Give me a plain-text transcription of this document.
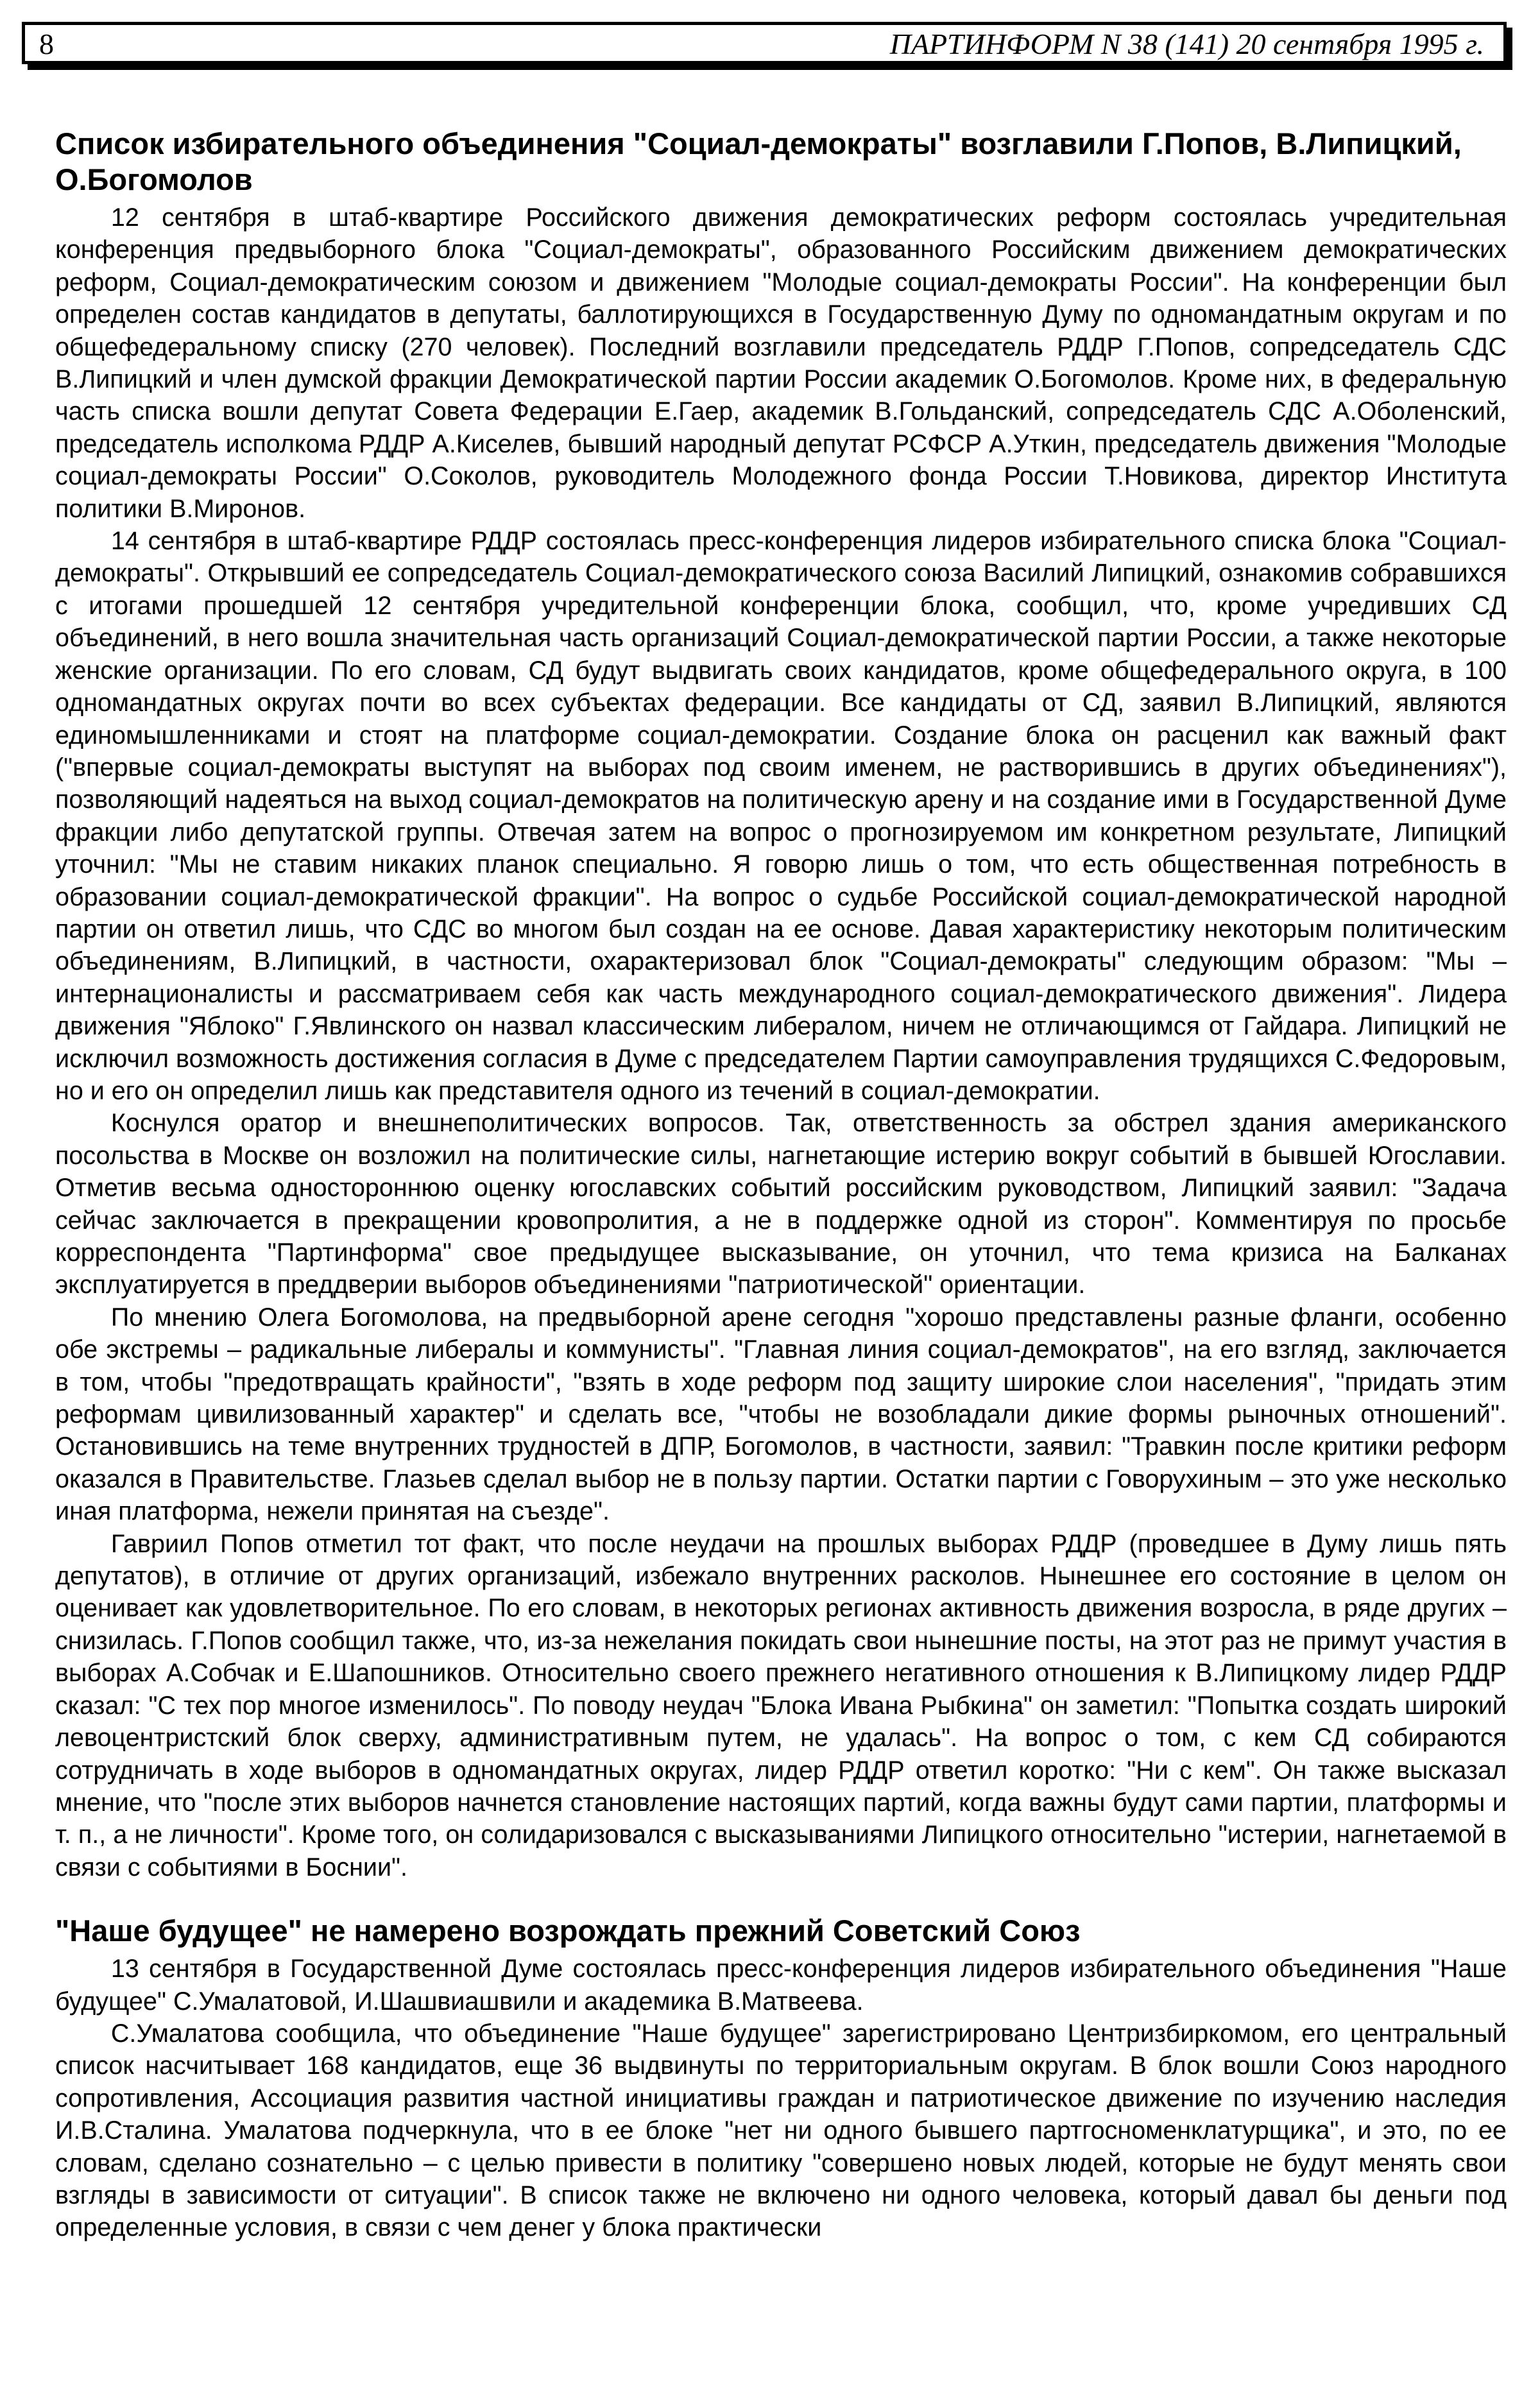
8	ПАРТИНФОРМ N 38 (141) 20 сентября 1995 г.
Список избирательного объединения "Социал-демократы" возглавили Г.Попов, В.Липицкий, О.Богомолов

12 сентября в штаб-квартире Российского движения демократических реформ состоялась учредительная конференция предвыборного блока "Социал-демократы", образованного Российским движением демократических реформ, Социал-демократическим союзом и движением "Молодые социал-демократы России". На конференции был определен состав кандидатов в депутаты, баллотирующихся в Государственную Думу по одномандатным округам и по общефедеральному списку (270 человек). Последний возглавили председатель РДДР Г.Попов, сопредседатель СДС В.Липицкий и член думской фракции Демократической партии России академик О.Богомолов. Кроме них, в федеральную часть списка вошли депутат Совета Федерации Е.Гаер, академик В.Гольданский, сопредседатель СДС А.Оболенский, председатель исполкома РДДР А.Киселев, бывший народный депутат РСФСР А.Уткин, председатель движения "Молодые социал-демократы России" О.Соколов, руководитель Молодежного фонда России Т.Новикова, директор Института политики В.Миронов.

14 сентября в штаб-квартире РДДР состоялась пресс-конференция лидеров избирательного списка блока "Социал- демократы". Открывший ее сопредседатель Социал-демократического союза Василий Липицкий, ознакомив собравшихся с итогами прошедшей 12 сентября учредительной конференции блока, сообщил, что, кроме учредивших СД объединений, в него вошла значительная часть организаций Социал-демократической партии России, а также некоторые женские организации. По его словам, СД будут выдвигать своих кандидатов, кроме общефедерального округа, в 100 одномандатных округах почти во всех субъектах федерации. Все кандидаты от СД, заявил В.Липицкий, являются единомышленниками и стоят на платформе социал-демократии. Создание блока он расценил как важный факт ("впервые социал-демократы выступят на выборах под своим именем, не растворившись в других объединениях"), позволяющий надеяться на выход социал-демократов на политическую арену и на создание ими в Государственной Думе фракции либо депутатской группы. Отвечая затем на вопрос о прогнозируемом им конкретном результате, Липицкий уточнил: "Мы не ставим никаких планок специально. Я говорю лишь о том, что есть общественная потребность в образовании социал-демократической фракции". На вопрос о судьбе Российской социал-демократической народной партии он ответил лишь, что СДС во многом был создан на ее основе. Давая характеристику некоторым политическим объединениям, В.Липицкий, в частности, охарактеризовал блок "Социал-демократы" следующим образом: "Мы – интернационалисты и рассматриваем себя как часть международного социал-демократического движения". Лидера движения "Яблоко" Г.Явлинского он назвал классическим либералом, ничем не отличающимся от Гайдара. Липицкий не исключил возможность достижения согласия в Думе с председателем Партии самоуправления трудящихся С.Федоровым, но и его он определил лишь как представителя одного из течений в социал-демократии.

Коснулся оратор и внешнеполитических вопросов. Так, ответственность за обстрел здания американского посольства в Москве он возложил на политические силы, нагнетающие истерию вокруг событий в бывшей Югославии. Отметив весьма одностороннюю оценку югославских событий российским руководством, Липицкий заявил: "Задача сейчас заключается в прекращении кровопролития, а не в поддержке одной из сторон". Комментируя по просьбе корреспондента "Партинформа" свое предыдущее высказывание, он уточнил, что тема кризиса на Балканах эксплуатируется в преддверии выборов объединениями "патриотической" ориентации.

По мнению Олега Богомолова, на предвыборной арене сегодня "хорошо представлены разные фланги, особенно обе экстремы – радикальные либералы и коммунисты". "Главная линия социал-демократов", на его взгляд, заключается в том, чтобы "предотвращать крайности", "взять в ходе реформ под защиту широкие слои населения", "придать этим реформам цивилизованный характер" и сделать все, "чтобы не возобладали дикие формы рыночных отношений". Остановившись на теме внутренних трудностей в ДПР, Богомолов, в частности, заявил: "Травкин после критики реформ оказался в Правительстве. Глазьев сделал выбор не в пользу партии. Остатки партии с Говорухиным – это уже несколько иная платформа, нежели принятая на съезде".

Гавриил Попов отметил тот факт, что после неудачи на прошлых выборах РДДР (проведшее в Думу лишь пять депутатов), в отличие от других организаций, избежало внутренних расколов. Нынешнее его состояние в целом он оценивает как удовлетворительное. По его словам, в некоторых регионах активность движения возросла, в ряде других – снизилась. Г.Попов сообщил также, что, из-за нежелания покидать свои нынешние посты, на этот раз не примут участия в выборах А.Собчак и Е.Шапошников. Относительно своего прежнего негативного отношения к В.Липицкому лидер РДДР сказал: "С тех пор многое изменилось". По поводу неудач "Блока Ивана Рыбкина" он заметил: "Попытка создать широкий левоцентристский блок сверху, административным путем, не удалась". На вопрос о том, с кем СД собираются сотрудничать в ходе выборов в одномандатных округах, лидер РДДР ответил коротко: "Ни с кем". Он также высказал мнение, что "после этих выборов начнется становление настоящих партий, когда важны будут сами партии, платформы и т. п., а не личности". Кроме того, он солидаризовался с высказываниями Липицкого относительно "истерии, нагнетаемой в связи с событиями в Боснии".

"Наше будущее" не намерено возрождать прежний Советский Союз

13 сентября в Государственной Думе состоялась пресс-конференция лидеров избирательного объединения "Наше будущее" С.Умалатовой, И.Шашвиашвили и академика В.Матвеева.

С.Умалатова сообщила, что объединение "Наше будущее" зарегистрировано Центризбиркомом, его центральный список насчитывает 168 кандидатов, еще 36 выдвинуты по территориальным округам. В блок вошли Союз народного сопротивления, Ассоциация развития частной инициативы граждан и патриотическое движение по изучению наследия И.В.Сталина. Умалатова подчеркнула, что в ее блоке "нет ни одного бывшего партгосноменклатурщика", и это, по ее словам, сделано сознательно – с целью привести в политику "совершено новых людей, которые не будут менять свои взгляды в зависимости от ситуации". В список также не включено ни одного человека, который давал бы деньги под определенные условия, в связи с чем денег у блока практически
